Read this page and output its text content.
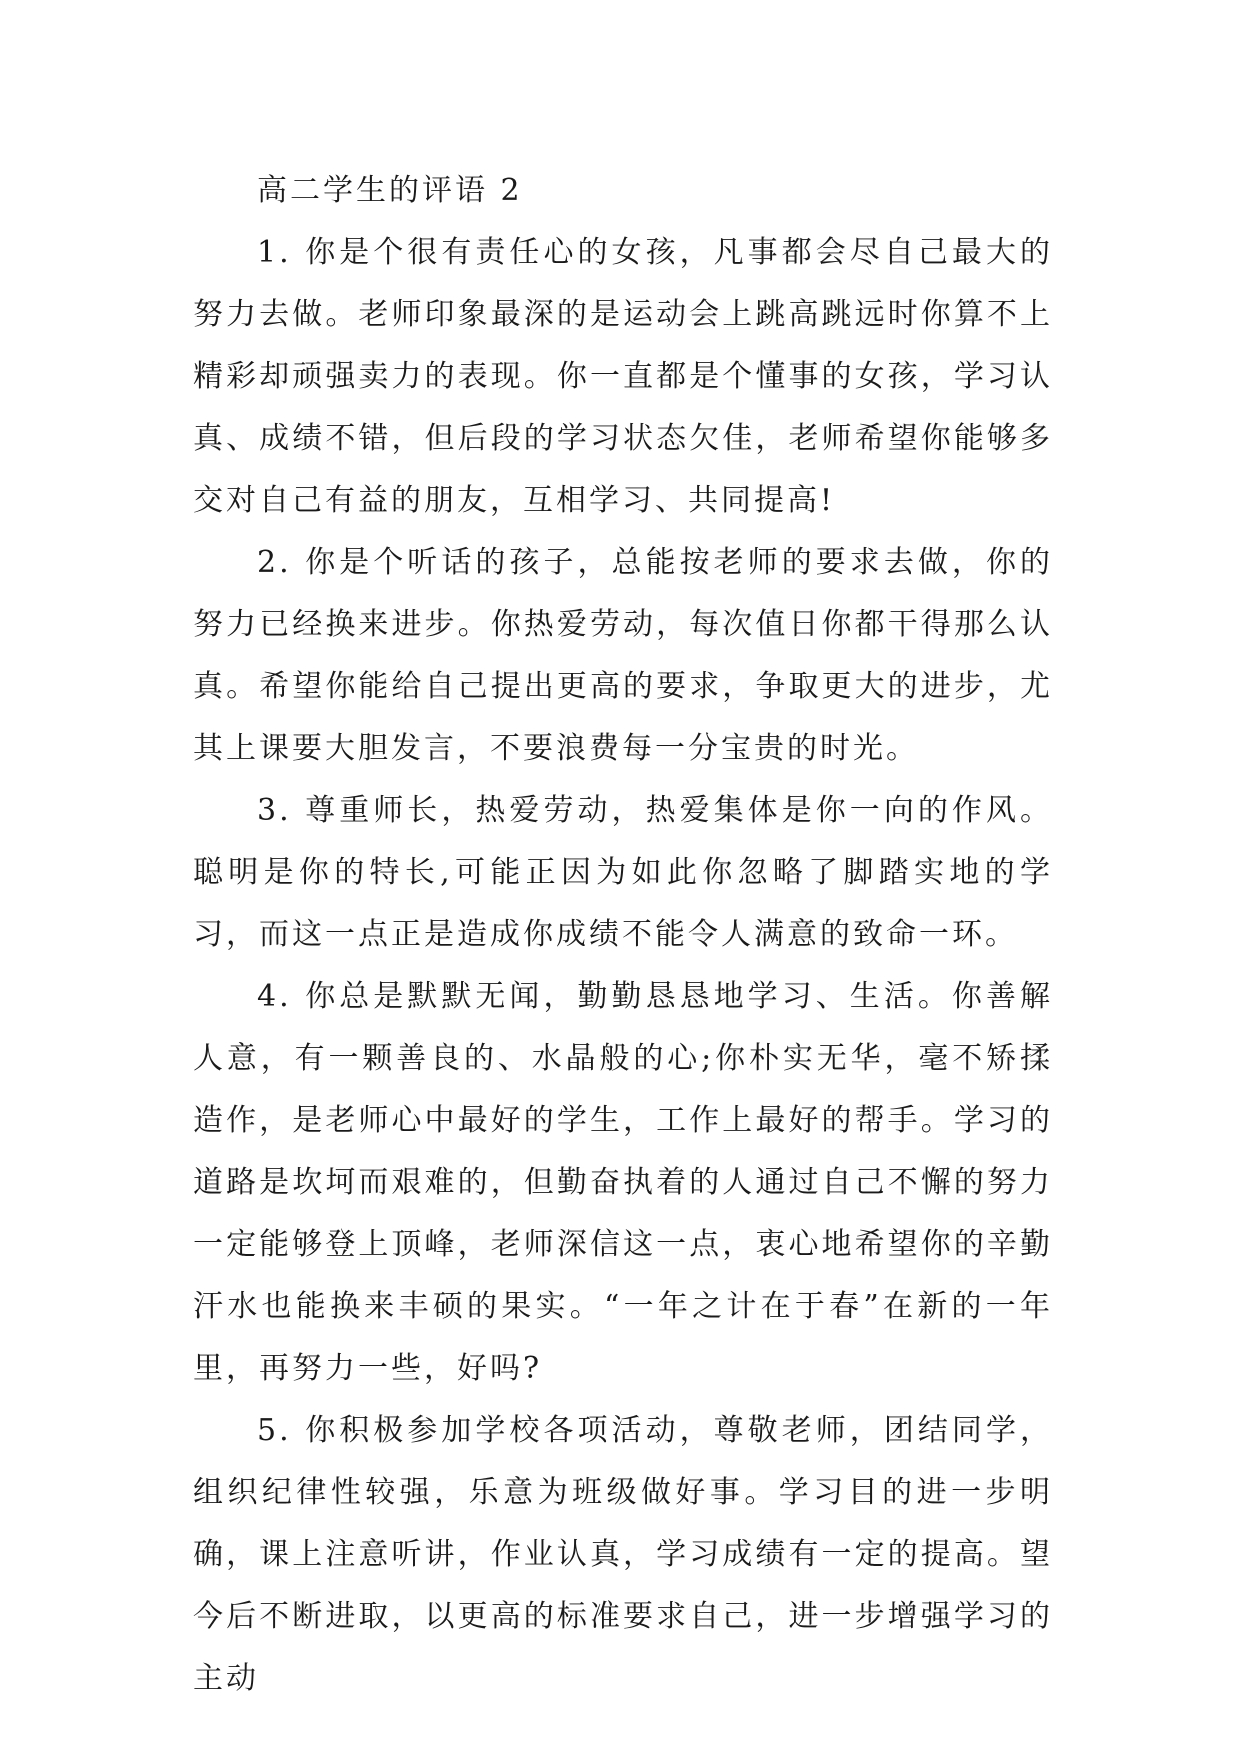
高二学生的评语 2

1. 你是个很有责任心的女孩，凡事都会尽自己最大的努力去做。老师印象最深的是运动会上跳高跳远时你算不上精彩却顽强卖力的表现。你一直都是个懂事的女孩，学习认真、成绩不错，但后段的学习状态欠佳，老师希望你能够多交对自己有益的朋友，互相学习、共同提高!

2. 你是个听话的孩子，总能按老师的要求去做，你的努力已经换来进步。你热爱劳动，每次值日你都干得那么认真。希望你能给自己提出更高的要求，争取更大的进步，尤其上课要大胆发言，不要浪费每一分宝贵的时光。

3. 尊重师长，热爱劳动，热爱集体是你一向的作风。聪明是你的特长,可能正因为如此你忽略了脚踏实地的学习，而这一点正是造成你成绩不能令人满意的致命一环。

4. 你总是默默无闻，勤勤恳恳地学习、生活。你善解人意，有一颗善良的、水晶般的心;你朴实无华，毫不矫揉造作，是老师心中最好的学生，工作上最好的帮手。学习的道路是坎坷而艰难的，但勤奋执着的人通过自己不懈的努力一定能够登上顶峰，老师深信这一点，衷心地希望你的辛勤汗水也能换来丰硕的果实。“一年之计在于春”在新的一年里，再努力一些，好吗?

5. 你积极参加学校各项活动，尊敬老师，团结同学，组织纪律性较强，乐意为班级做好事。学习目的进一步明确，课上注意听讲，作业认真，学习成绩有一定的提高。望今后不断进取，以更高的标准要求自己，进一步增强学习的主动
